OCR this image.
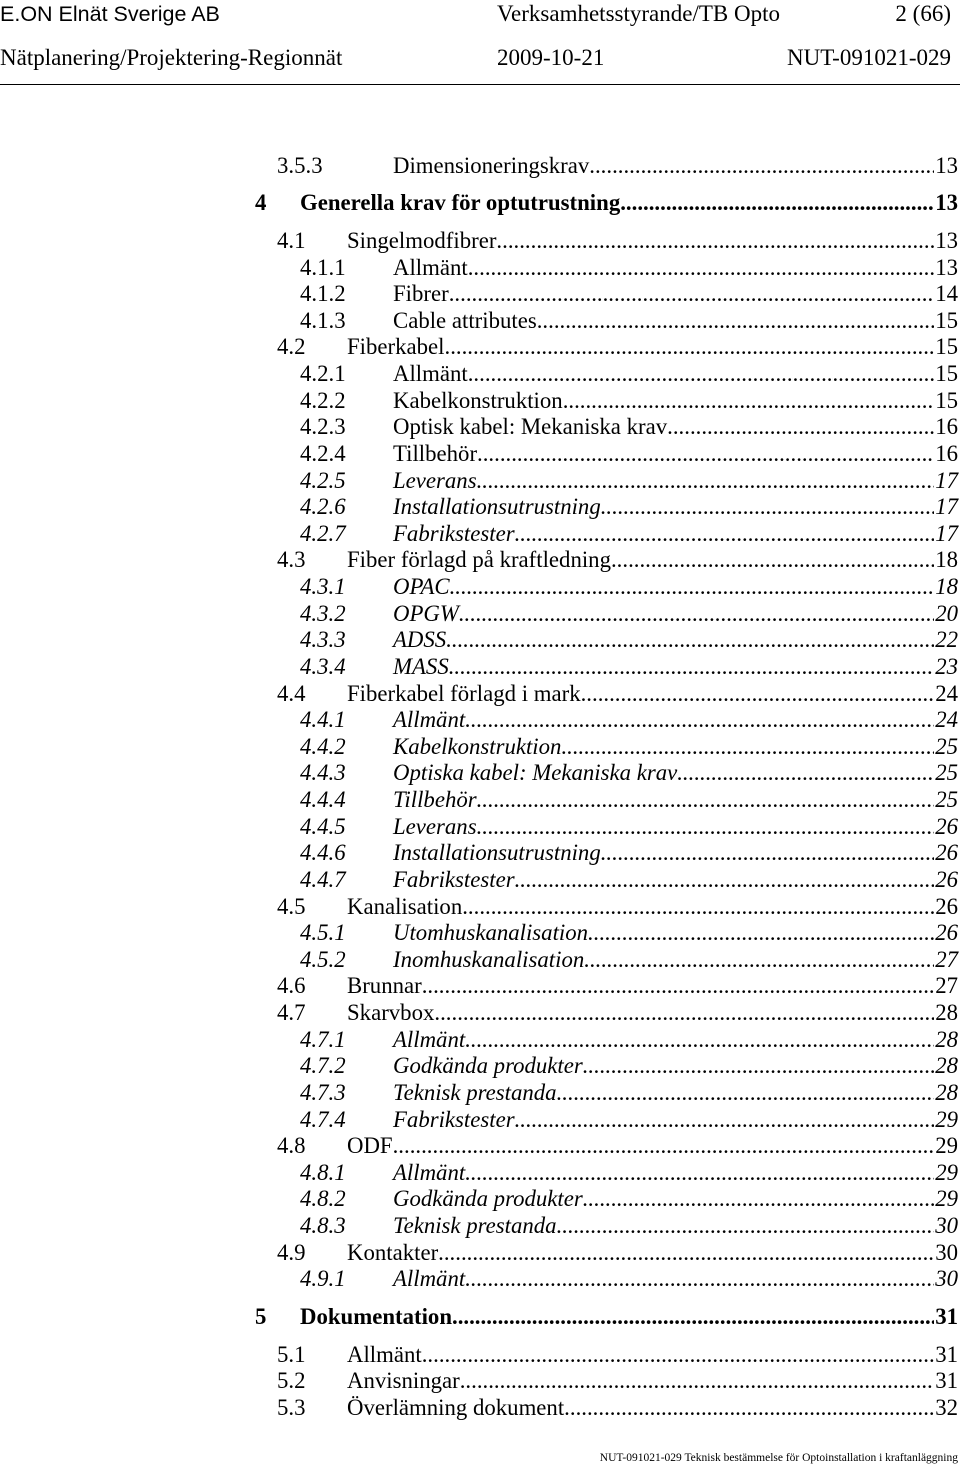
E.ON Elnät Sverige AB	Verksamhetsstyrande/TB Opto	2 (66)
Nätplanering/Projektering-Regionnät	2009-10-21	NUT-091021-029
3.5.3	Dimensioneringskrav .....	13
4 Generella krav för optutrustning .....	13
4.1 Singelmodfibrer .....	13
4.1.1 Allmänt .....	13
4.1.2 Fibrer .....	14
4.1.3 Cable attributes .....	15
4.2 Fiberkabel .....	15
4.2.1 Allmänt .....	15
4.2.2 Kabelkonstruktion .....	15
4.2.3 Optisk kabel: Mekaniska krav .....	16
4.2.4 Tillbehör .....	16
4.2.5 Leverans .....	17
4.2.6 Installationsutrustning .....	17
4.2.7 Fabrikstester .....	17
4.3 Fiber förlagd på kraftledning .....	18
4.3.1 OPAC .....	18
4.3.2 OPGW .....	20
4.3.3 ADSS .....	22
4.3.4 MASS .....	23
4.4 Fiberkabel förlagd i mark .....	24
4.4.1 Allmänt .....	24
4.4.2 Kabelkonstruktion .....	25
4.4.3 Optiska kabel: Mekaniska krav .....	25
4.4.4 Tillbehör .....	25
4.4.5 Leverans .....	26
4.4.6 Installationsutrustning .....	26
4.4.7 Fabrikstester .....	26
4.5 Kanalisation .....	26
4.5.1 Utomhuskanalisation .....	26
4.5.2 Inomhuskanalisation .....	27
4.6 Brunnar .....	27
4.7 Skarvbox .....	28
4.7.1 Allmänt .....	28
4.7.2 Godkända produkter .....	28
4.7.3 Teknisk prestanda .....	28
4.7.4 Fabrikstester .....	29
4.8 ODF .....	29
4.8.1 Allmänt .....	29
4.8.2 Godkända produkter .....	29
4.8.3 Teknisk prestanda .....	30
4.9 Kontakter .....	30
4.9.1 Allmänt .....	30
5 Dokumentation .....	31
5.1 Allmänt .....	31
5.2 Anvisningar .....	31
5.3 Överlämning dokument .....	32
NUT-091021-029 Teknisk bestämmelse för Optoinstallation i kraftanläggning
